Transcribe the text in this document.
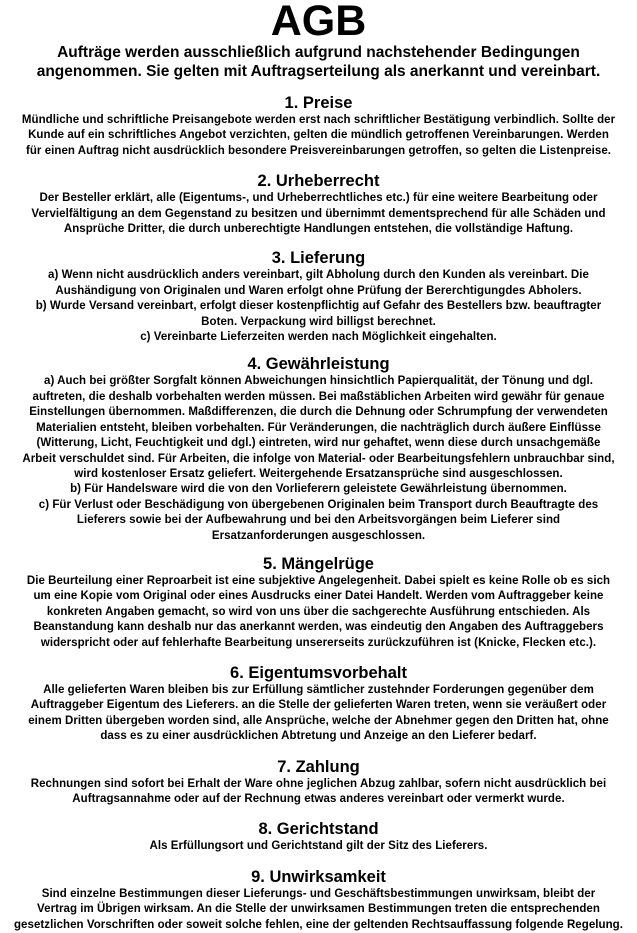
AGB
Aufträge werden ausschließlich aufgrund nachstehender Bedingungen
angenommen. Sie gelten mit Auftragserteilung als anerkannt und vereinbart.
1. Preise
Mündliche und schriftliche Preisangebote werden erst nach schriftlicher Bestätigung verbindlich. Sollte der
Kunde auf ein schriftliches Angebot verzichten, gelten die mündlich getroffenen Vereinbarungen. Werden
für einen Auftrag nicht ausdrücklich besondere Preisvereinbarungen getroffen, so gelten die Listenpreise.
2. Urheberrecht
Der Besteller erklärt, alle (Eigentums-, und Urheberrechtliches etc.) für eine weitere Bearbeitung oder
Vervielfältigung an dem Gegenstand zu besitzen und übernimmt dementsprechend für alle Schäden und
Ansprüche Dritter, die durch unberechtigte Handlungen entstehen, die vollständige Haftung.
3. Lieferung
a) Wenn nicht ausdrücklich anders vereinbart, gilt Abholung durch den Kunden als vereinbart. Die
Aushändigung von Originalen und Waren erfolgt ohne Prüfung der Bererchtigungdes Abholers.
b) Wurde Versand vereinbart, erfolgt dieser kostenpflichtig auf Gefahr des Bestellers bzw. beauftragter
Boten. Verpackung wird billigst berechnet.
c) Vereinbarte Lieferzeiten werden nach Möglichkeit eingehalten.
4. Gewährleistung
a) Auch bei größter Sorgfalt können Abweichungen hinsichtlich Papierqualität, der Tönung und dgl.
auftreten, die deshalb vorbehalten werden müssen. Bei maßstäblichen Arbeiten wird gewähr für genaue
Einstellungen übernommen. Maßdifferenzen, die durch die Dehnung oder Schrumpfung der verwendeten
Materialien entsteht, bleiben vorbehalten. Für Veränderungen, die nachträglich durch äußere Einflüsse
(Witterung, Licht, Feuchtigkeit und dgl.) eintreten, wird nur gehaftet, wenn diese durch unsachgemäße
Arbeit verschuldet sind. Für Arbeiten, die infolge von Material- oder Bearbeitungsfehlern unbrauchbar sind,
wird kostenloser Ersatz geliefert. Weitergehende Ersatzansprüche sind ausgeschlossen.
b) Für Handelsware wird die von den Vorlieferern geleistete Gewährleistung übernommen.
c) Für Verlust oder Beschädigung von übergebenen Originalen beim Transport durch Beauftragte des
Lieferers sowie bei der Aufbewahrung und bei den Arbeitsvorgängen beim Lieferer sind
Ersatzanforderungen ausgeschlossen.
5. Mängelrüge
Die Beurteilung einer Reproarbeit ist eine subjektive Angelegenheit. Dabei spielt es keine Rolle ob es sich
um eine Kopie vom Original oder eines Ausdrucks einer Datei Handelt. Werden vom Auftraggeber keine
konkreten Angaben gemacht, so wird von uns über die sachgerechte Ausführung entschieden. Als
Beanstandung kann deshalb nur das anerkannt werden, was eindeutig den Angaben des Auftraggebers
widerspricht oder auf fehlerhafte Bearbeitung unsererseits zurückzuführen ist (Knicke, Flecken etc.).
6. Eigentumsvorbehalt
Alle gelieferten Waren bleiben bis zur Erfüllung sämtlicher zustehnder Forderungen gegenüber dem
Auftraggeber Eigentum des Lieferers. an die Stelle der gelieferten Waren treten, wenn sie veräußert oder
einem Dritten übergeben worden sind, alle Ansprüche, welche der Abnehmer gegen den Dritten hat, ohne
dass es zu einer ausdrücklichen Abtretung und Anzeige an den Lieferer bedarf.
7. Zahlung
Rechnungen sind sofort bei Erhalt der Ware ohne jeglichen Abzug zahlbar, sofern nicht ausdrücklich bei
Auftragsannahme oder auf der Rechnung etwas anderes vereinbart oder vermerkt wurde.
8. Gerichtstand
Als Erfüllungsort und Gerichtstand gilt der Sitz des Lieferers.
9. Unwirksamkeit
Sind einzelne Bestimmungen dieser Lieferungs- und Geschäftsbestimmungen unwirksam, bleibt der
Vertrag im Übrigen wirksam. An die Stelle der unwirksamen Bestimmungen treten die entsprechenden
gesetzlichen Vorschriften oder soweit solche fehlen, eine der geltenden Rechtsauffassung folgende Regelung.
